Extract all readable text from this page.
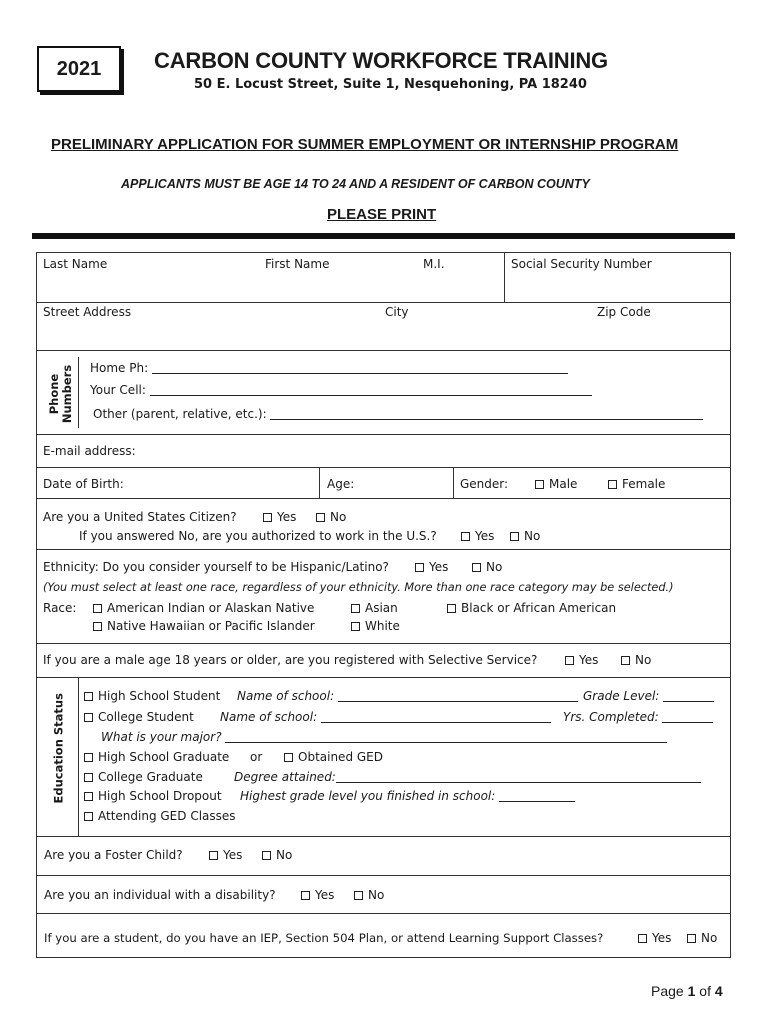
2021 CARBON COUNTY WORKFORCE TRAINING
50 E. Locust Street, Suite 1, Nesquehoning, PA 18240
PRELIMINARY APPLICATION FOR SUMMER EMPLOYMENT OR INTERNSHIP PROGRAM
APPLICANTS MUST BE AGE 14 TO 24 AND A RESIDENT OF CARBON COUNTY
PLEASE PRINT
Last Name	First Name	M.I.	Social Security Number
Street Address	City	Zip Code
Phone Numbers Home Ph:
Your Cell:
Other (parent, relative, etc.):
E-mail address:
Date of Birth:	Age:	Gender:	Male	Female
Are you a United States Citizen?	Yes	No
If you answered No, are you authorized to work in the U.S.?	Yes	No
Ethnicity: Do you consider yourself to be Hispanic/Latino?	Yes	No
(You must select at least one race, regardless of your ethnicity. More than one race category may be selected.)
Race:	American Indian or Alaskan Native	Asian	Black or African American
Native Hawaiian or Pacific Islander	White
If you are a male age 18 years or older, are you registered with Selective Service?	Yes	No
Education Status	High School Student Name of school:	Grade Level:
College Student Name of school:	Yrs. Completed:
What is your major?
High School Graduate or	Obtained GED
College Graduate	Degree attained:
High School Dropout Highest grade level you finished in school:
Attending GED Classes
Are you a Foster Child?	Yes	No
Are you an individual with a disability?	Yes	No
If you are a student, do you have an IEP, Section 504 Plan, or attend Learning Support Classes?	Yes	No
Page 1 of 4
